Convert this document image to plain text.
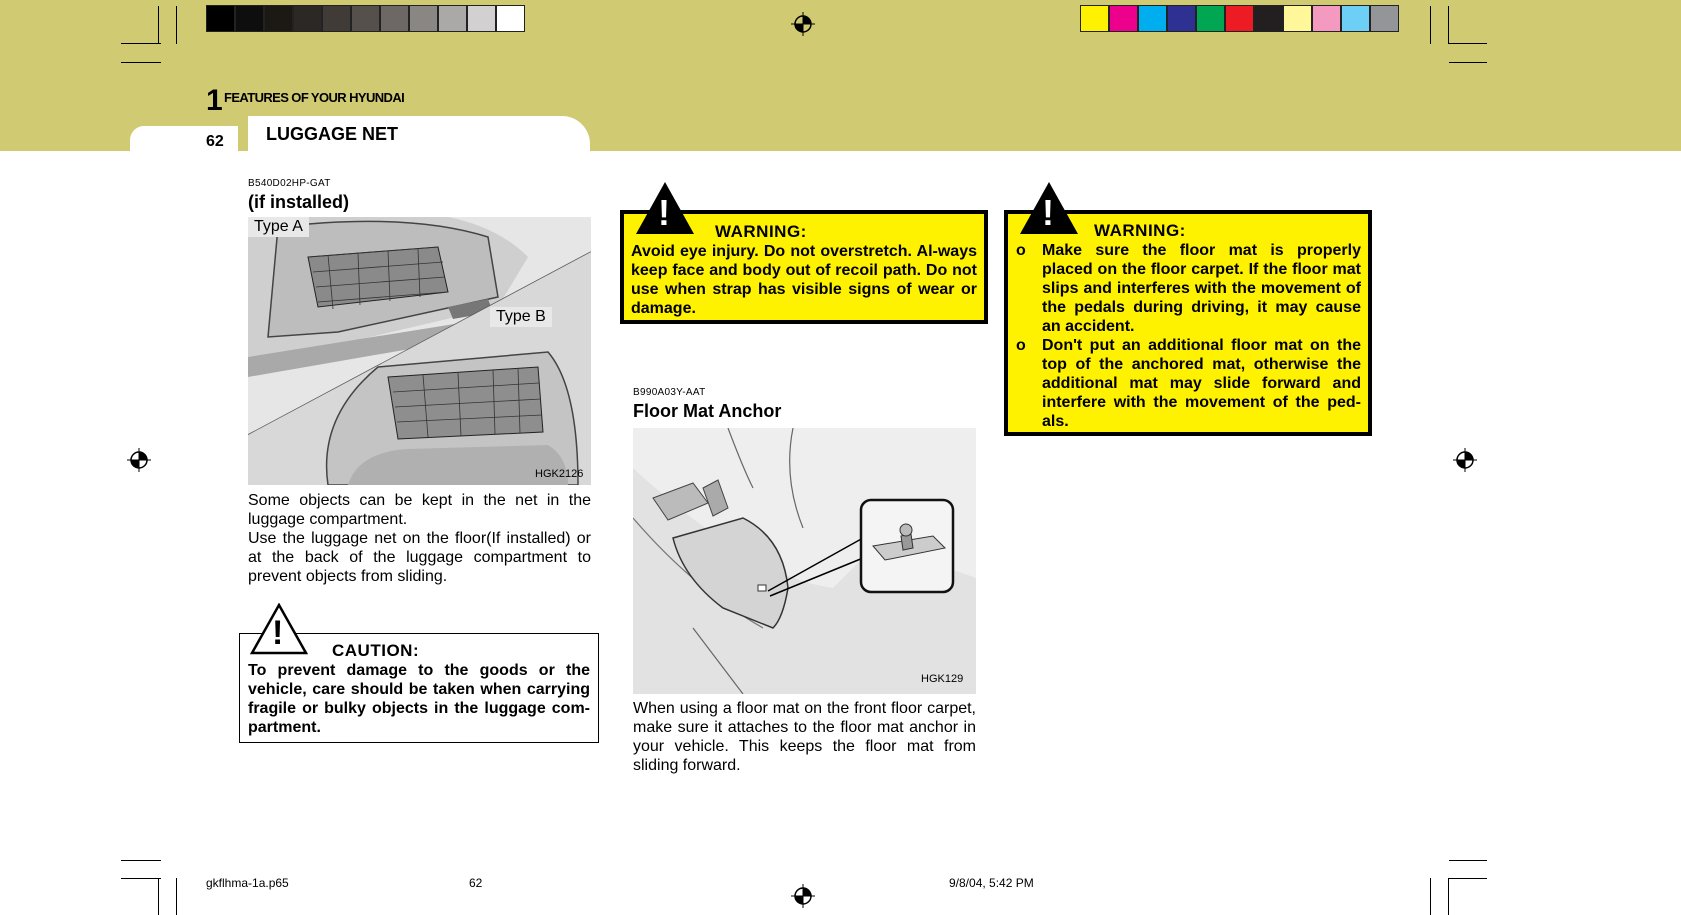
1 FEATURES OF YOUR HYUNDAI
62 LUGGAGE NET
B540D02HP-GAT
(if installed)
Type A
Type B
HGK2126
Some objects can be kept in the net in the luggage compartment.
Use the luggage net on the floor(If installed) or at the back of the luggage compartment to prevent objects from sliding.
!	CAUTION:
To prevent damage to the goods or the vehicle, care should be taken when carrying fragile or bulky objects in the luggage com-partment.
!	WARNING:
Avoid eye injury. Do not overstretch. Al-ways keep face and body out of recoil path. Do not use when strap has visible signs of wear or damage.
B990A03Y-AAT
Floor Mat Anchor
HGK129
When using a floor mat on the front floor carpet, make sure it attaches to the floor mat anchor in your vehicle. This keeps the floor mat from sliding forward.
! WARNING:
o Make sure the floor mat is properly placed on the floor carpet. If the floor mat slips and interferes with the movement of the pedals during driving, it may cause an accident.
o Don't put an additional floor mat on the top of the anchored mat, otherwise the additional mat may slide forward and interfere with the movement of the ped-als.
gkflhma-1a.p65	62	9/8/04, 5:42 PM
